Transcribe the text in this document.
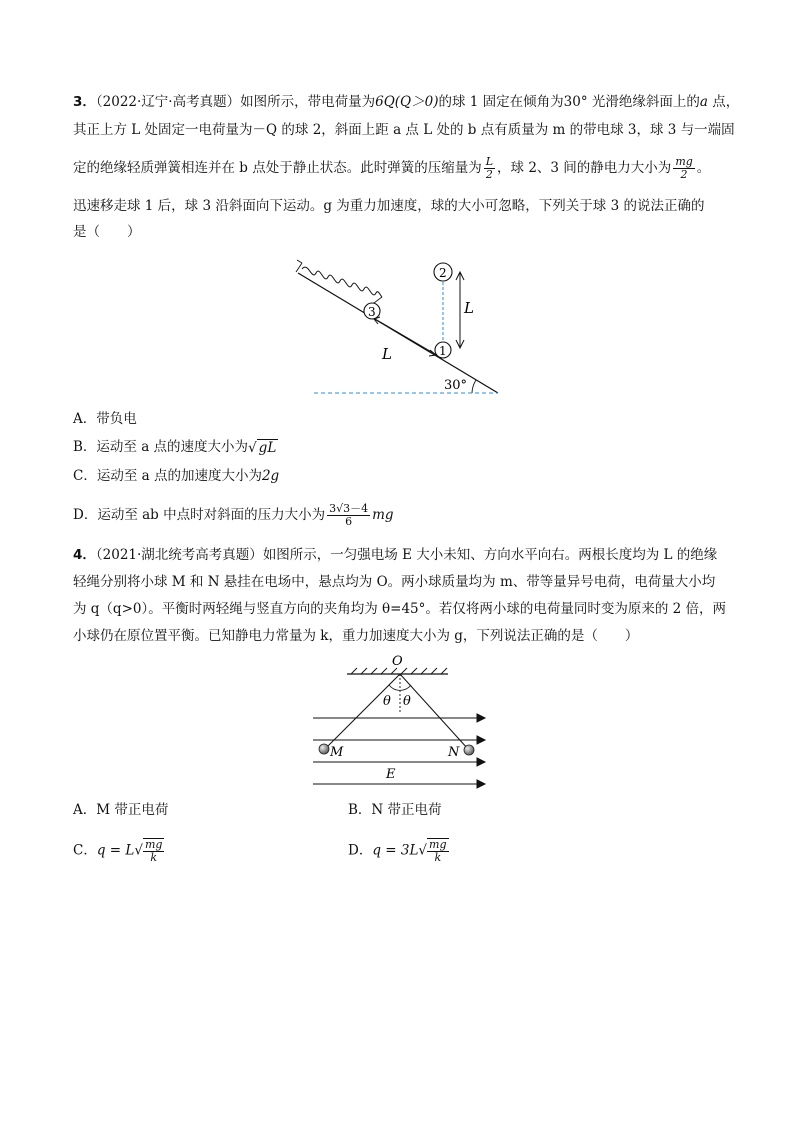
3．（2022·辽宁·高考真题）如图所示，带电荷量为6Q(Q＞0)的球 1 固定在倾角为30° 光滑绝缘斜面上的a 点，
其正上方 L 处固定一电荷量为－Q 的球 2，斜面上距 a 点 L 处的 b 点有质量为 m 的带电球 3，球 3 与一端固
定的绝缘轻质弹簧相连并在 b 点处于静止状态。此时弹簧的压缩量为 $\frac{L}{2}$ ，球 2、3 间的静电力大小为 $\frac{mg}{2}$ 。
迅速移走球 1 后，球 3 沿斜面向下运动。g 为重力加速度，球的大小可忽略，下列关于球 3 的说法正确的
是（　　）
3
2
1
L
L
30°
A．带负电
B．运动至 a 点的速度大小为√ gL
C．运动至 a 点的加速度大小为2g
D．运动至 ab 中点时对斜面的压力大小为 $\frac{3√3-4}{6}$ mg
4．（2021·湖北统考高考真题）如图所示，一匀强电场 E 大小未知、方向水平向右。两根长度均为 L 的绝缘
轻绳分别将小球 M 和 N 悬挂在电场中，悬点均为 O。两小球质量均为 m、带等量异号电荷，电荷量大小均
为 q（q>0）。平衡时两轻绳与竖直方向的夹角均为 θ=45°。若仅将两小球的电荷量同时变为原来的 2 倍，两
小球仍在原位置平衡。已知静电力常量为 k，重力加速度大小为 g，下列说法正确的是（　　）
O
θ θ
M	N
E
A．M 带正电荷	B．N 带正电荷
C．$q = L√ \frac{mg}{k}$	D．$q = 3L√ \frac{mg}{k}$
